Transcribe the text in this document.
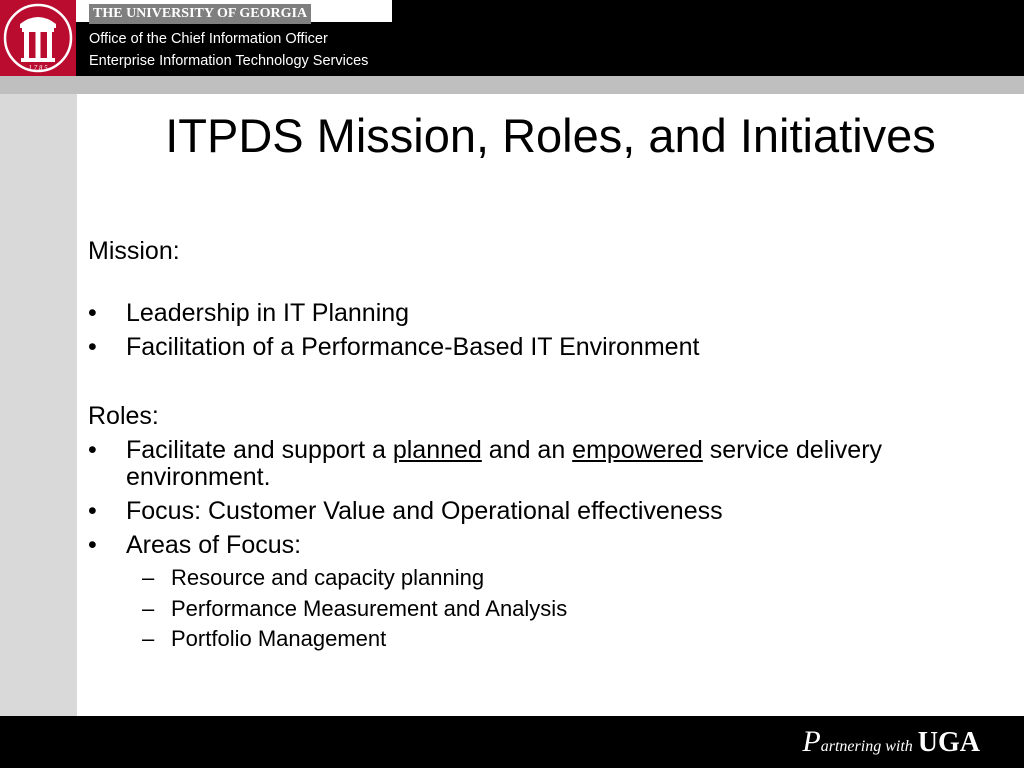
1 7 8 5
THE UNIVERSITY OF GEORGIA
Office of the Chief Information Officer
Enterprise Information Technology Services
ITPDS Mission, Roles, and Initiatives
Mission:
• Leadership in IT Planning
• Facilitation of a Performance-Based IT Environment
Roles:
• Facilitate and support a planned and an empowered service delivery
environment.
• Focus: Customer Value and Operational effectiveness
• Areas of Focus:
– Resource and capacity planning
– Performance Measurement and Analysis
– Portfolio Management
Partnering with UGA
